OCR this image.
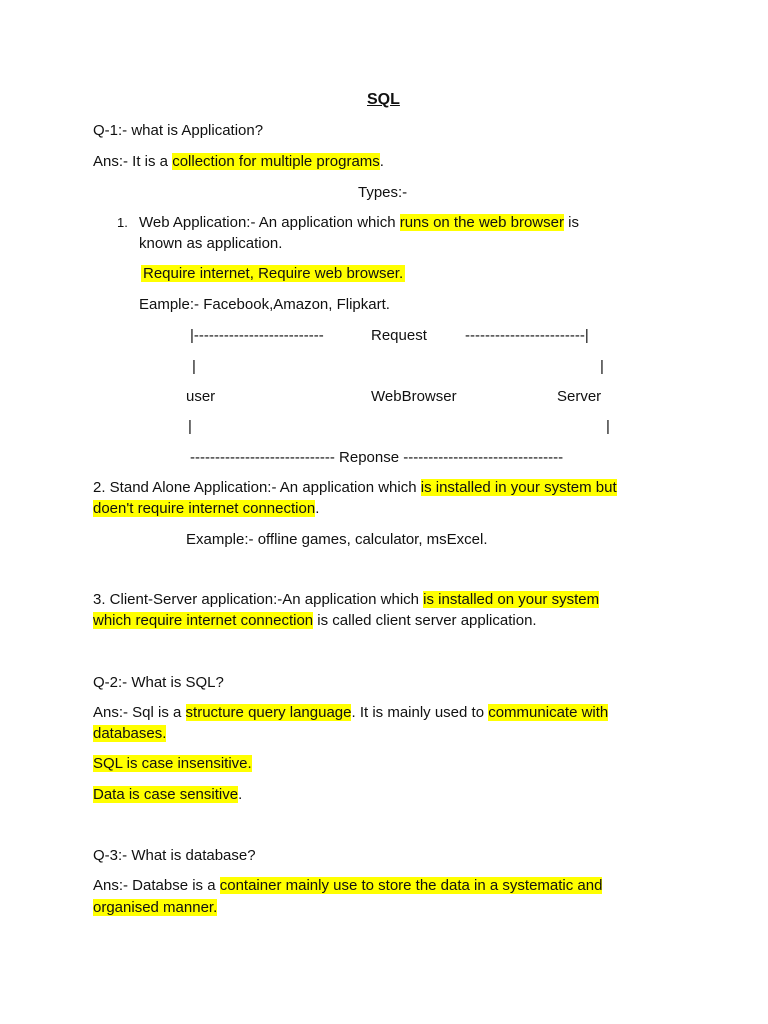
SQL
Q-1:- what is Application?
Ans:- It is a collection for multiple programs.
Types:-
1. Web Application:- An application which runs on the web browser is
known as application.
Require internet, Require web browser.
Eample:- Facebook,Amazon, Flipkart.
|--------------------------	Request	------------------------|
|	|
user	WebBrowser	Server
|	|
----------------------------- Reponse --------------------------------
2. Stand Alone Application:- An application which is installed in your system but
doen't require internet connection.
Example:- offline games, calculator, msExcel.
3. Client-Server application:-An application which is installed on your system
which require internet connection is called client server application.
Q-2:- What is SQL?
Ans:- Sql is a structure query language. It is mainly used to communicate with
databases.
SQL is case insensitive.
Data is case sensitive.
Q-3:- What is database?
Ans:- Databse is a container mainly use to store the data in a systematic and
organised manner.
